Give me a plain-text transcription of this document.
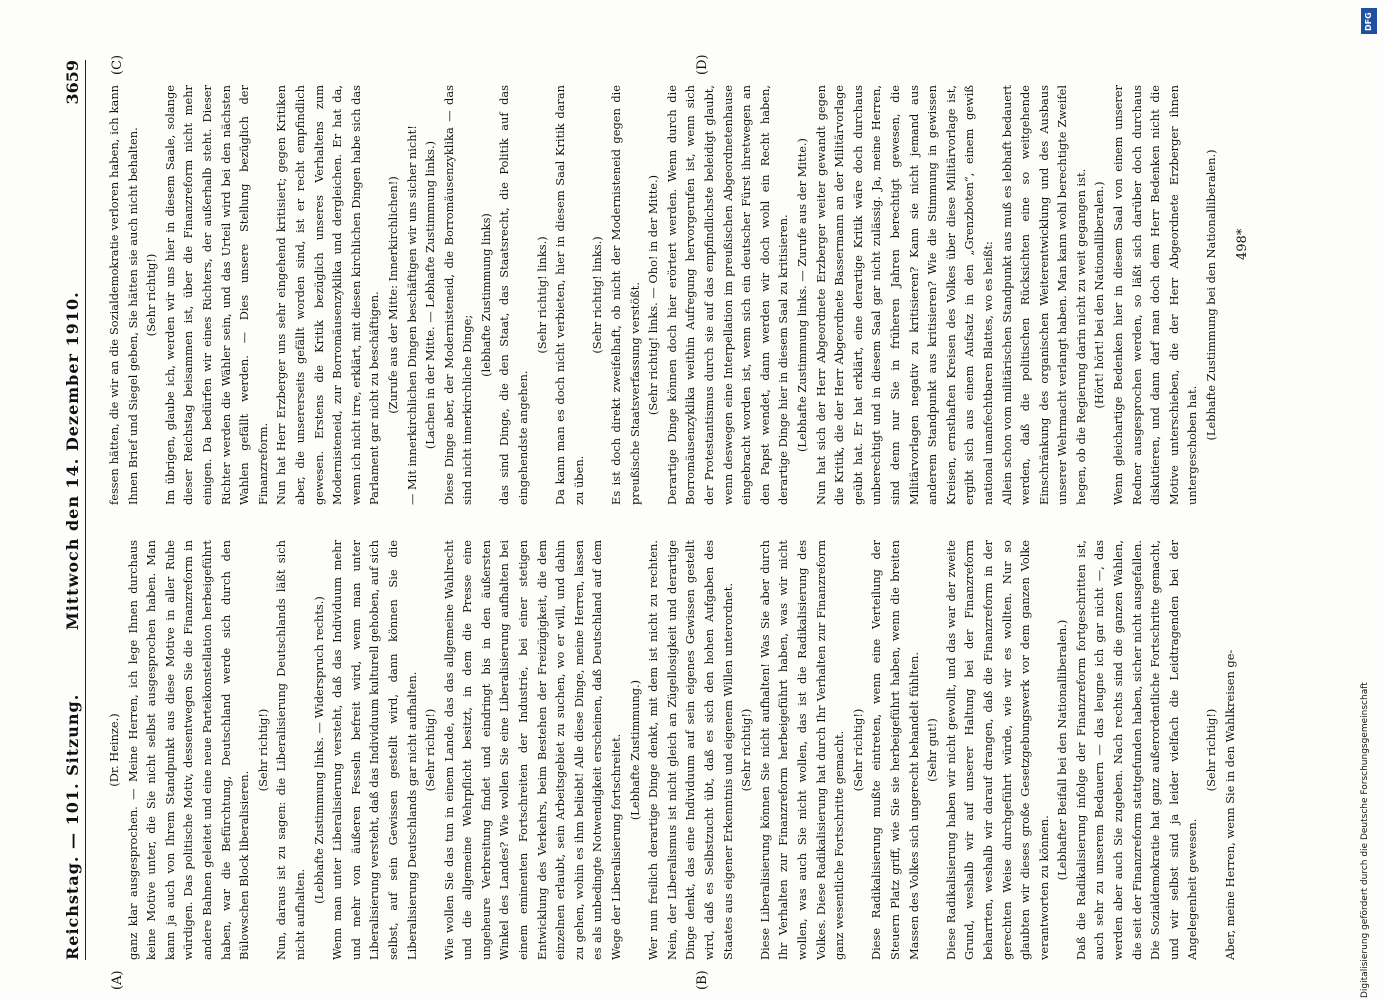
Reichstag. — 101. Sitzung.
Mittwoch den 14. Dezember 1910.
3659
(A)	(B)
(C)	(D)

(Dr. Heinze.) ganz klar ausgesprochen. — Meine Herren, ich lege Ihnen durchaus keine Motive unter, die Sie nicht selbst ausgesprochen haben. Man kann ja auch von Ihrem Standpunkt aus diese Motive in aller Ruhe würdigen. Das politische Motiv, dessentwegen Sie die Finanzreform in andere Bahnen geleitet und eine neue Parteikonstellation herbeigeführt haben, war die Befürchtung, Deutschland werde sich durch den Bülowschen Block liberalisieren.

(Sehr richtig!) Nun, daraus ist zu sagen: die Liberalisierung Deutschlands läßt sich nicht aufhalten.

(Lebhafte Zustimmung links. — Widerspruch rechts.) Wenn man unter Liberalisierung versteht, daß das Individuum mehr und mehr von äußeren Fesseln befreit wird, wenn man unter Liberalisierung versteht, daß das Individuum kulturell gehoben, auf sich selbst, auf sein Gewissen gestellt wird, dann können Sie die Liberalisierung Deutschlands gar nicht aufhalten. (Sehr richtig!) Wie wollen Sie das tun in einem Lande, das das allgemeine Wahlrecht und die allgemeine Wehrpflicht besitzt, in dem die Presse eine ungeheure Verbreitung findet und eindringt bis in den äußersten Winkel des Landes? Wie wollen Sie eine Liberalisierung aufhalten bei einem eminenten Fortschreiten der Industrie, bei einer stetigen Entwicklung des Verkehrs, beim Bestehen der Freizügigkeit, die dem einzelnen erlaubt, sein Arbeitsgebiet zu suchen, wo er will, und dahin zu gehen, wohin es ihm beliebt! Alle diese Dinge, meine Herren, lassen es als unbedingte Notwendigkeit erscheinen, daß Deutschland auf dem Wege der Liberalisierung fortschreitet. (Lebhafte Zustimmung.) Wer nun freilich derartige Dinge denkt, mit dem ist nicht zu rechten. Nein, der Liberalismus ist nicht gleich an Zügellosigkeit und derartige Dinge denkt, das eine Individuum auf sein eigenes Gewissen gestellt wird, daß es Selbstzucht übt, daß es sich den hohen Aufgaben des Staates aus eigener Erkenntnis und eigenem Willen unterordnet. (Sehr richtig!) Diese Liberalisierung können Sie nicht aufhalten! Was Sie aber durch Ihr Verhalten zur Finanzreform herbeigeführt haben, was wir nicht wollen, was auch Sie nicht wollen, das ist die Radikalisierung des Volkes. Diese Radikalisierung hat durch Ihr Verhalten zur Finanzreform ganz wesentliche Fortschritte gemacht. (Sehr richtig!) Diese Radikalisierung mußte eintreten, wenn eine Verteilung der Steuern Platz griff, wie Sie sie herbeigeführt haben, wenn die breiten Massen des Volkes sich ungerecht behandelt fühlten. (Sehr gut!) Diese Radikalisierung haben wir nicht gewollt, und das war der zweite Grund, weshalb wir auf unserer Haltung bei der Finanzreform beharrten, weshalb wir darauf drangen, daß die Finanzreform in der gerechten Weise durchgeführt würde, wie wir es wollten. Nur so glaubten wir dieses große Gesetzgebungswerk vor dem ganzen Volke verantworten zu können.

(Lebhafter Beifall bei den Nationalliberalen.) Daß die Radikalisierung infolge der Finanzreform fortgeschritten ist, auch sehr zu unserem Bedauern — das leugne ich gar nicht —, das werden aber auch Sie zugeben. Nach rechts sind die ganzen Wahlen, die seit der Finanzreform stattgefunden haben, sicher nicht ausgefallen. Die Sozialdemokratie hat ganz außerordentliche Fortschritte gemacht, und wir selbst sind ja leider vielfach die Leidtragenden bei der Angelegenheit gewesen.

(Sehr richtig!) Aber, meine Herren, wenn Sie in den Wahlkreisen ge-

fessen hätten, die wir an die Sozialdemokratie verloren haben, ich kann Ihnen Brief und Siegel geben, Sie hätten sie auch nicht behalten. (Sehr richtig!) Im übrigen, glaube ich, werden wir uns hier in diesem Saale, solange dieser Reichstag beisammen ist, über die Finanzreform nicht mehr einigen. Da bedürfen wir eines Richters, der außerhalb steht. Dieser Richter werden die Wähler sein, und das Urteil wird bei den nächsten Wahlen gefällt werden. — Dies unsere Stellung bezüglich der Finanzreform. Nun hat Herr Erzberger uns sehr eingehend kritisiert; gegen Kritiken aber, die unsererseits gefällt worden sind, ist er recht empfindlich gewesen. Erstens die Kritik bezüglich unseres Verhaltens zum Modernisteneid, zur Borromäusenzyklika und dergleichen. Er hat da, wenn ich nicht irre, erklärt, mit diesen kirchlichen Dingen habe sich das Parlament gar nicht zu beschäftigen. (Zurufe aus der Mitte: Innerkirchlichen!) — Mit innerkirchlichen Dingen beschäftigen wir uns sicher nicht! (Lachen in der Mitte. — Lebhafte Zustimmung links.) Diese Dinge aber, der Modernisteneid, die Borromäusenzyklika — das sind nicht innerkirchliche Dinge;

(lebhafte Zustimmung links) das sind Dinge, die den Staat, das Staatsrecht, die Politik auf das eingehendste angehen.

(Sehr richtig! links.) Da kann man es doch nicht verbieten, hier in diesem Saal Kritik daran zu üben.

(Sehr richtig! links.) Es ist doch direkt zweifelhaft, ob nicht der Modernisteneid gegen die preußische Staatsverfassung verstößt. (Sehr richtig! links. — Oho! in der Mitte.) Derartige Dinge können doch hier erörtert werden. Wenn durch die Borromäusenzyklika weithin Aufregung hervorgerufen ist, wenn sich der Protestantismus durch sie auf das empfindlichste beleidigt glaubt, wenn deswegen eine Interpellation im preußischen Abgeordnetenhause eingebracht worden ist, wenn sich ein deutscher Fürst ihretwegen an den Papst wendet, dann werden wir doch wohl ein Recht haben, derartige Dinge hier in diesem Saal zu kritisieren. (Lebhafte Zustimmung links. — Zurufe aus der Mitte.) Nun hat sich der Herr Abgeordnete Erzberger weiter gewandt gegen die Kritik, die der Herr Abgeordnete Bassermann an der Militärvorlage geübt hat. Er hat erklärt, eine derartige Kritik wäre doch durchaus unberechtigt und in diesem Saal gar nicht zulässig. Ja, meine Herren, sind denn nur Sie in früheren Jahren berechtigt gewesen, die Militärvorlagen negativ zu kritisieren? Kann sie nicht jemand aus anderem Standpunkt aus kritisieren? Wie die Stimmung in gewissen Kreisen, ernsthaften Kreisen des Volkes über diese Militärvorlage ist, ergibt sich aus einem Aufsatz in den „Grenzboten“, einem gewiß national unanfechtbaren Blattes, wo es heißt: Allein schon vom militärischen Standpunkt aus muß es lebhaft bedauert werden, daß die politischen Rücksichten eine so weitgehende Einschränkung des organischen Weiterentwicklung und des Ausbaus unserer Wehrmacht verlangt haben. Man kann wohl berechtigte Zweifel hegen, ob die Regierung darin nicht zu weit gegangen ist. (Hört! hört! bei den Nationalliberalen.) Wenn gleichartige Bedenken hier in diesem Saal von einem unserer Redner ausgesprochen werden, so läßt sich darüber doch durchaus diskutieren, und dann darf man doch dem Herr Bedenken nicht die Motive unterschieben, die der Herr Abgeordnete Erzberger ihnen untergeschoben hat.

(Lebhafte Zustimmung bei den Nationalliberalen.) 498*
DFG
Digitalisierung gefördert durch die Deutsche Forschungsgemeinschaft
